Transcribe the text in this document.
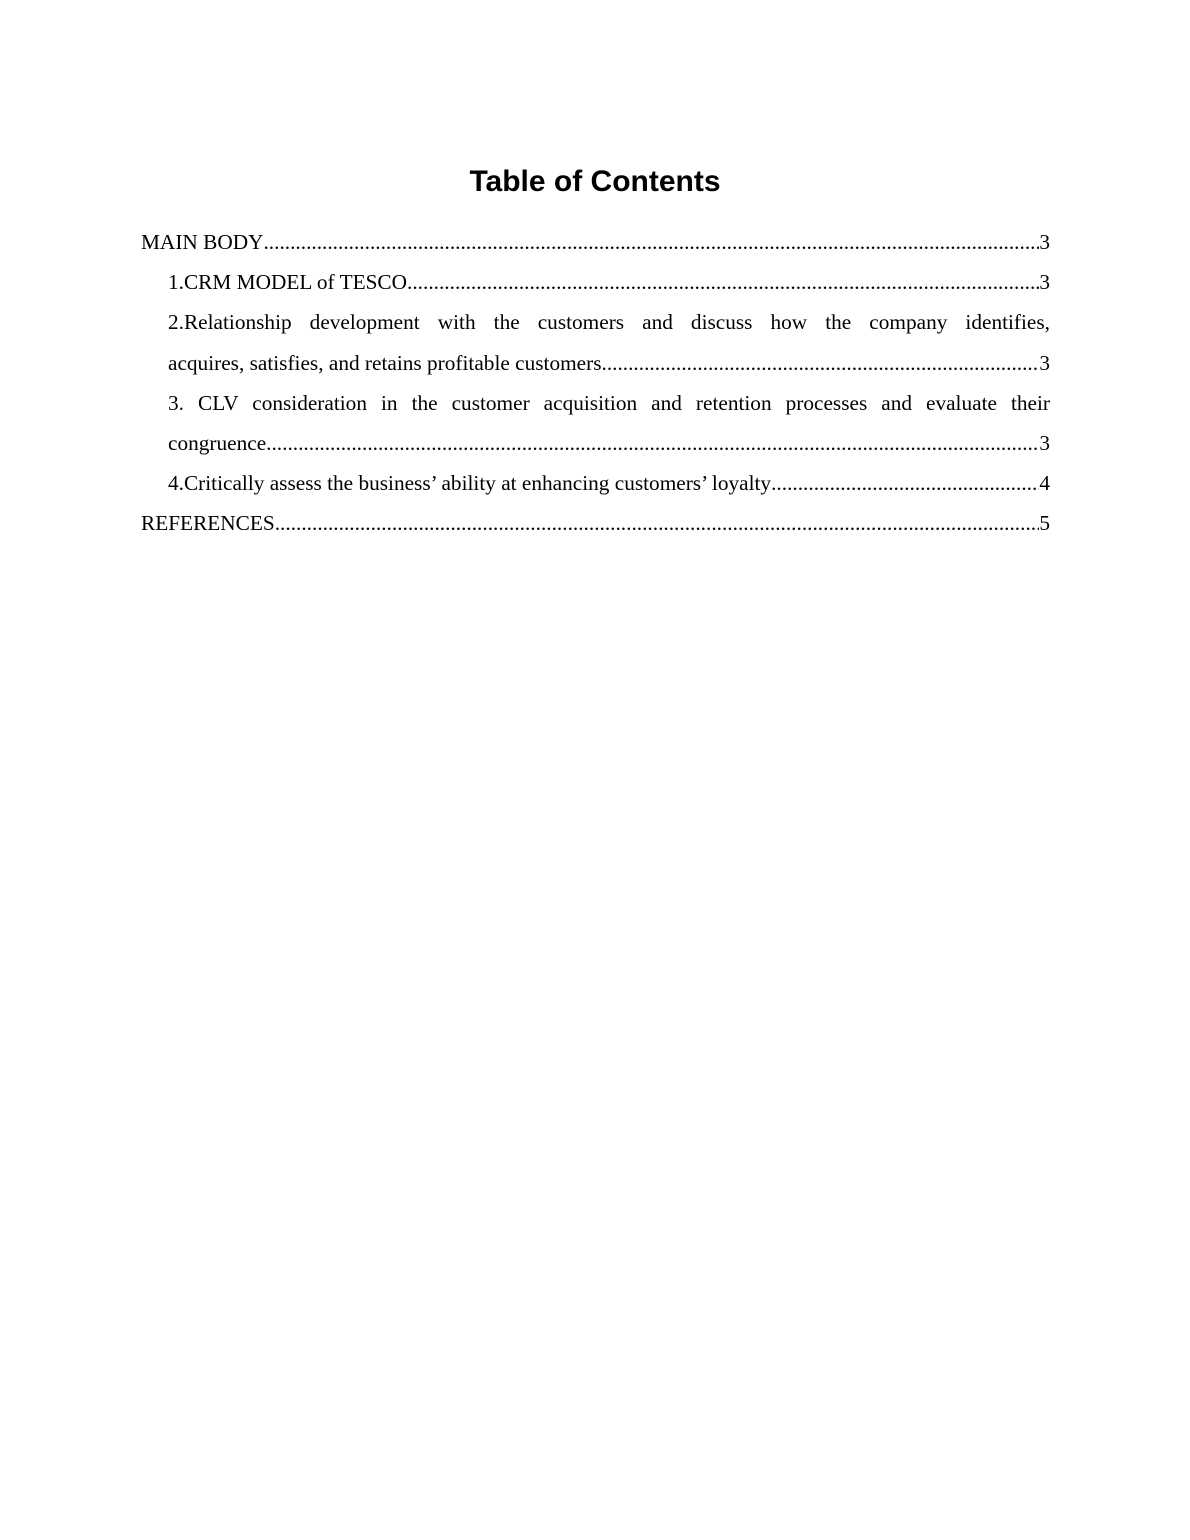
Table of Contents
MAIN BODY .....	3
1.CRM MODEL of TESCO .....	3
2.Relationship development with the customers and discuss how the company identifies,
acquires, satisfies, and retains profitable customers. .....	3
3. CLV consideration in the customer acquisition and retention processes and evaluate their
congruence .....	3
4.Critically assess the business’ ability at enhancing customers’ loyalty .....	4
REFERENCES .....	5
